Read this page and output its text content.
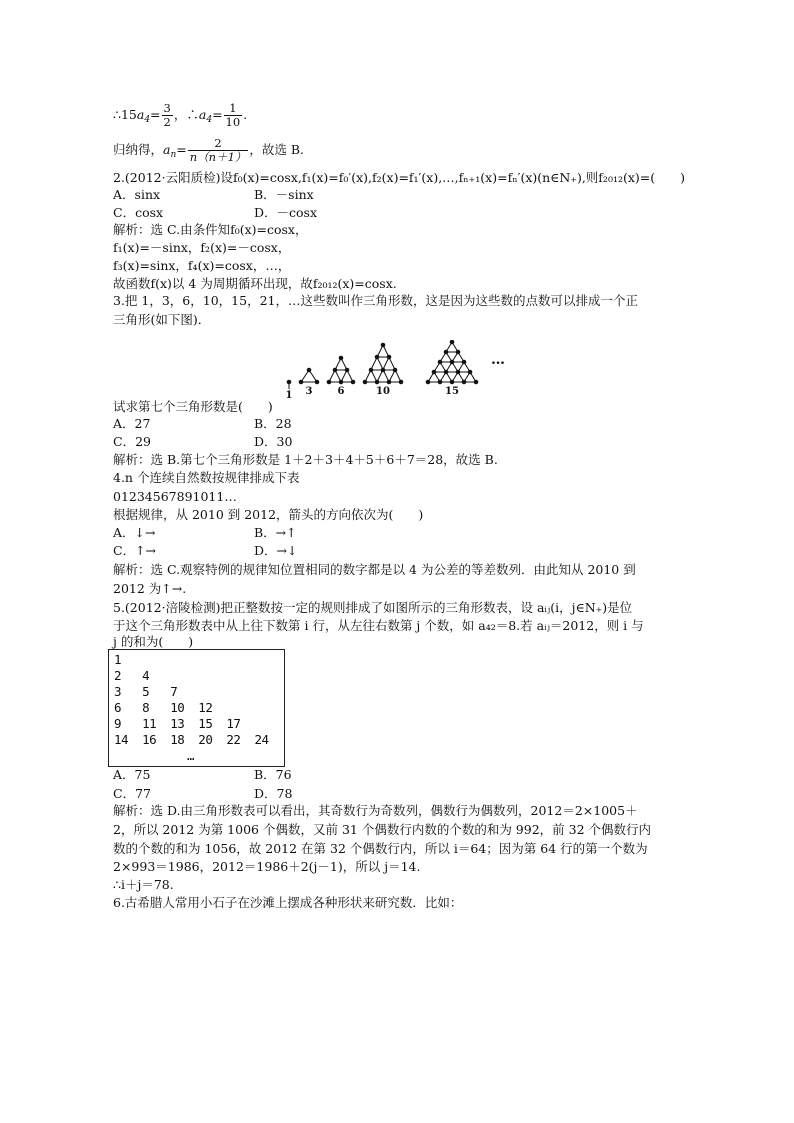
$\therefore 15a_4= \frac{3}{2}$ ，$\therefore a_4= \frac{1}{10}$ .
归纳得，$a_n= \frac{2}{n(n+1)}$ ，故选 B.
2.(2012·云阳质检)设f₀(x)=cosx,f₁(x)=f₀′(x),f₂(x)=f₁′(x),…,fₙ₊₁(x)=fₙ′(x)(n∈N₊),则f₂₀₁₂(x)=(　　)
A．sinx	B．－sinx
C．cosx	D．－cosx
解析：选 C.由条件知f₀(x)=cosx，
f₁(x)=－sinx，f₂(x)=－cosx，
f₃(x)=sinx，f₄(x)=cosx，…，
故函数f(x)以 4 为周期循环出现，故f₂₀₁₂(x)=cosx.
3.把 1，3，6，10，15，21，…这些数叫作三角形数，这是因为这些数的点数可以排成一个正
三角形(如下图)．
1 3	6	10	15
…
试求第七个三角形数是(　　)
A．27	B．28
C．29	D．30
解析：选 B.第七个三角形数是 1＋2＋3＋4＋5＋6＋7＝28，故选 B.
4.n 个连续自然数按规律排成下表
01234567891011…
根据规律，从 2010 到 2012，箭头的方向依次为(　　)
A．↓→	B．→↑
C．↑→	D．→↓
解析：选 C.观察特例的规律知位置相同的数字都是以 4 为公差的等差数列．由此知从 2010 到
2012 为↑→.
5.(2012·涪陵检测)把正整数按一定的规则排成了如图所示的三角形数表，设 aᵢⱼ(i，j∈N₊)是位
于这个三角形数表中从上往下数第 i 行，从左往右数第 j 个数，如 a₄₂＝8.若 aᵢⱼ＝2012，则 i 与
j 的和为(　　)
1
2   4
3   5   7
6   8   10  12
9   11  13  15  17
14  16  18  20  22  24
…
A．75	B．76
C．77	D．78
解析：选 D.由三角形数表可以看出，其奇数行为奇数列，偶数行为偶数列，2012＝2×1005＋
2，所以 2012 为第 1006 个偶数，又前 31 个偶数行内数的个数的和为 992，前 32 个偶数行内
数的个数的和为 1056，故 2012 在第 32 个偶数行内，所以 i＝64；因为第 64 行的第一个数为
2×993＝1986，2012＝1986＋2(j－1)，所以 j＝14.
∴i＋j＝78.
6.古希腊人常用小石子在沙滩上摆成各种形状来研究数．比如：
